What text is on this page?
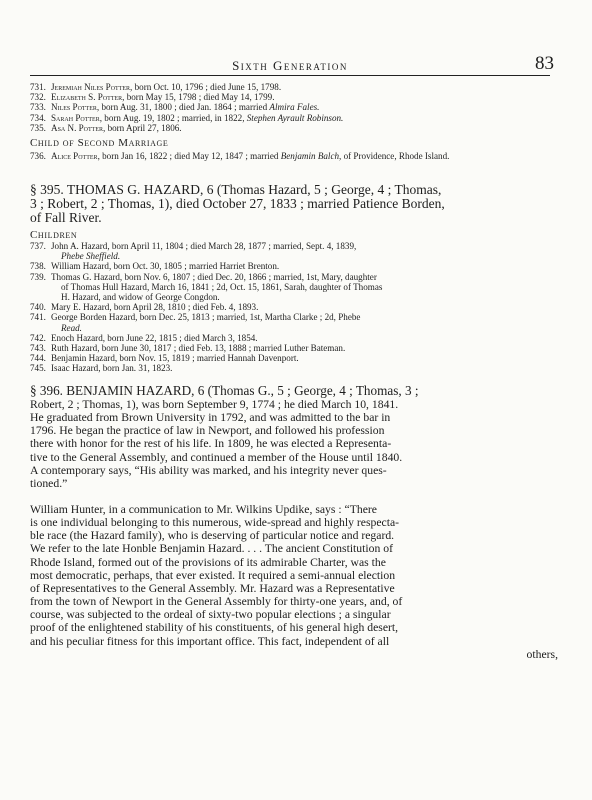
Sixth Generation	83
731. Jeremiah Niles Potter, born Oct. 10, 1796 ; died June 15, 1798.
732. Elizabeth S. Potter, born May 15, 1798 ; died May 14, 1799.
733. Niles Potter, born Aug. 31, 1800 ; died Jan. 1864 ; married Almira Fales.
734. Sarah Potter, born Aug. 19, 1802 ; married, in 1822, Stephen Ayrault Robinson.
735. Asa N. Potter, born April 27, 1806.
Child of Second Marriage
736. Alice Potter, born Jan 16, 1822 ; died May 12, 1847 ; married Benjamin Balch, of Providence, Rhode Island.
§ 395. THOMAS G. HAZARD, 6 (Thomas Hazard, 5 ; George, 4 ; Thomas,
3 ; Robert, 2 ; Thomas, 1), died October 27, 1833 ; married Patience Borden,
of Fall River.
Children
737. John A. Hazard, born April 11, 1804 ; died March 28, 1877 ; married, Sept. 4, 1839,
Phebe Sheffield.
738. William Hazard, born Oct. 30, 1805 ; married Harriet Brenton.
739. Thomas G. Hazard, born Nov. 6, 1807 ; died Dec. 20, 1866 ; married, 1st, Mary, daughter
of Thomas Hull Hazard, March 16, 1841 ; 2d, Oct. 15, 1861, Sarah, daughter of Thomas
H. Hazard, and widow of George Congdon.
740. Mary E. Hazard, born April 28, 1810 ; died Feb. 4, 1893.
741. George Borden Hazard, born Dec. 25, 1813 ; married, 1st, Martha Clarke ; 2d, Phebe
Read.
742. Enoch Hazard, born June 22, 1815 ; died March 3, 1854.
743. Ruth Hazard, born June 30, 1817 ; died Feb. 13, 1888 ; married Luther Bateman.
744. Benjamin Hazard, born Nov. 15, 1819 ; married Hannah Davenport.
745. Isaac Hazard, born Jan. 31, 1823.
§ 396. BENJAMIN HAZARD, 6 (Thomas G., 5 ; George, 4 ; Thomas, 3 ;
Robert, 2 ; Thomas, 1), was born September 9, 1774 ; he died March 10, 1841.
He graduated from Brown University in 1792, and was admitted to the bar in
1796. He began the practice of law in Newport, and followed his profession
there with honor for the rest of his life. In 1809, he was elected a Representa-
tive to the General Assembly, and continued a member of the House until 1840.
A contemporary says, “His ability was marked, and his integrity never ques-
tioned.”
William Hunter, in a communication to Mr. Wilkins Updike, says : “There
is one individual belonging to this numerous, wide-spread and highly respecta-
ble race (the Hazard family), who is deserving of particular notice and regard.
We refer to the late Honble Benjamin Hazard. . . . The ancient Constitution of
Rhode Island, formed out of the provisions of its admirable Charter, was the
most democratic, perhaps, that ever existed. It required a semi-annual election
of Representatives to the General Assembly. Mr. Hazard was a Representative
from the town of Newport in the General Assembly for thirty-one years, and, of
course, was subjected to the ordeal of sixty-two popular elections ; a singular
proof of the enlightened stability of his constituents, of his general high desert,
and his peculiar fitness for this important office. This fact, independent of all
others,
